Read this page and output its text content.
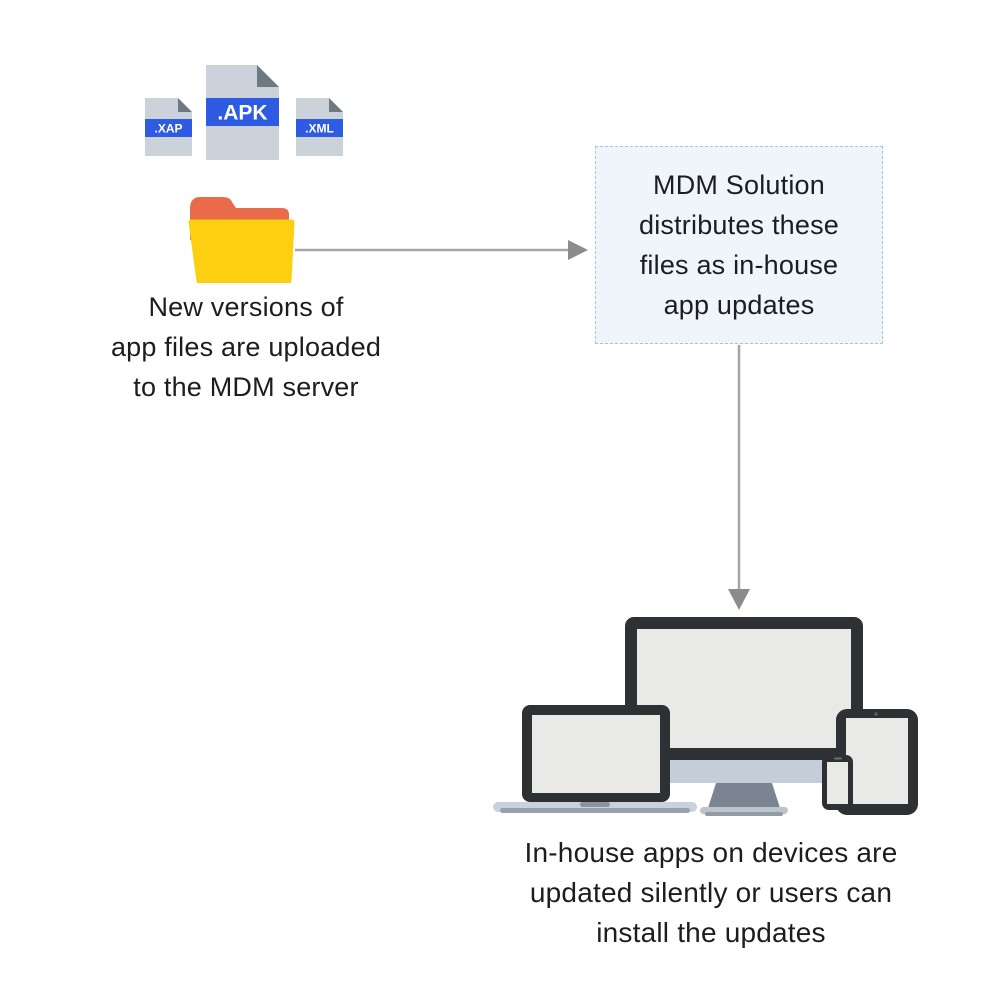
.XAP
.APK
.XML
New versions of
app files are uploaded
to the MDM server
MDM Solution
distributes these
files as in-house
app updates
In-house apps on devices are
updated silently or users can
install the updates
